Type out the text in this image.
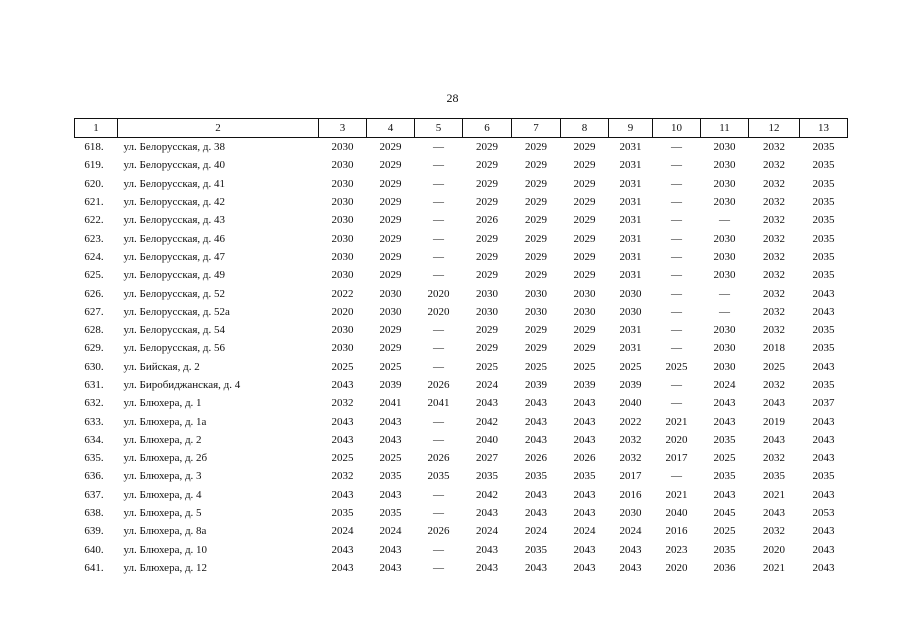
28
1	2	3	4	5	6	7	8	9	10	11	12	13
618.	ул. Белорусская, д. 38	2030	2029	—	2029	2029	2029	2031	—	2030	2032	2035
619.	ул. Белорусская, д. 40	2030	2029	—	2029	2029	2029	2031	—	2030	2032	2035
620.	ул. Белорусская, д. 41	2030	2029	—	2029	2029	2029	2031	—	2030	2032	2035
621.	ул. Белорусская, д. 42	2030	2029	—	2029	2029	2029	2031	—	2030	2032	2035
622.	ул. Белорусская, д. 43	2030	2029	—	2026	2029	2029	2031	—	—	2032	2035
623.	ул. Белорусская, д. 46	2030	2029	—	2029	2029	2029	2031	—	2030	2032	2035
624.	ул. Белорусская, д. 47	2030	2029	—	2029	2029	2029	2031	—	2030	2032	2035
625.	ул. Белорусская, д. 49	2030	2029	—	2029	2029	2029	2031	—	2030	2032	2035
626.	ул. Белорусская, д. 52	2022	2030	2020	2030	2030	2030	2030	—	—	2032	2043
627.	ул. Белорусская, д. 52а	2020	2030	2020	2030	2030	2030	2030	—	—	2032	2043
628.	ул. Белорусская, д. 54	2030	2029	—	2029	2029	2029	2031	—	2030	2032	2035
629.	ул. Белорусская, д. 56	2030	2029	—	2029	2029	2029	2031	—	2030	2018	2035
630.	ул. Бийская, д. 2	2025	2025	—	2025	2025	2025	2025	2025	2030	2025	2043
631.	ул. Биробиджанская, д. 4	2043	2039	2026	2024	2039	2039	2039	—	2024	2032	2035
632.	ул. Блюхера, д. 1	2032	2041	2041	2043	2043	2043	2040	—	2043	2043	2037
633.	ул. Блюхера, д. 1а	2043	2043	—	2042	2043	2043	2022	2021	2043	2019	2043
634.	ул. Блюхера, д. 2	2043	2043	—	2040	2043	2043	2032	2020	2035	2043	2043
635.	ул. Блюхера, д. 2б	2025	2025	2026	2027	2026	2026	2032	2017	2025	2032	2043
636.	ул. Блюхера, д. 3	2032	2035	2035	2035	2035	2035	2017	—	2035	2035	2035
637.	ул. Блюхера, д. 4	2043	2043	—	2042	2043	2043	2016	2021	2043	2021	2043
638.	ул. Блюхера, д. 5	2035	2035	—	2043	2043	2043	2030	2040	2045	2043	2053
639.	ул. Блюхера, д. 8а	2024	2024	2026	2024	2024	2024	2024	2016	2025	2032	2043
640.	ул. Блюхера, д. 10	2043	2043	—	2043	2035	2043	2043	2023	2035	2020	2043
641.	ул. Блюхера, д. 12	2043	2043	—	2043	2043	2043	2043	2020	2036	2021	2043
